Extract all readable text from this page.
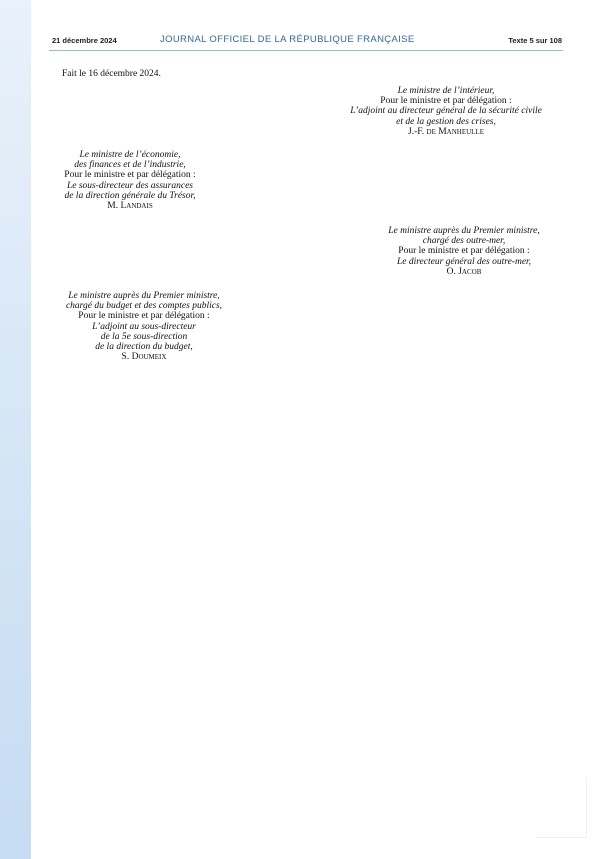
21 décembre 2024	JOURNAL OFFICIEL DE LA RÉPUBLIQUE FRANÇAISE	Texte 5 sur 108
Fait le 16 décembre 2024.
Le ministre de l’intérieur,
Pour le ministre et par délégation :
L’adjoint au directeur général de la sécurité civile
et de la gestion des crises,
J.-F. de Manheulle
Le ministre de l’économie,
des finances et de l’industrie,
Pour le ministre et par délégation :
Le sous-directeur des assurances
de la direction générale du Trésor,
M. Landais
Le ministre auprès du Premier ministre,
chargé des outre-mer,
Pour le ministre et par délégation :
Le directeur général des outre-mer,
O. Jacob
Le ministre auprès du Premier ministre,
chargé du budget et des comptes publics,
Pour le ministre et par délégation :
L’adjoint au sous-directeur
de la 5e sous-direction
de la direction du budget,
S. Doumeix
